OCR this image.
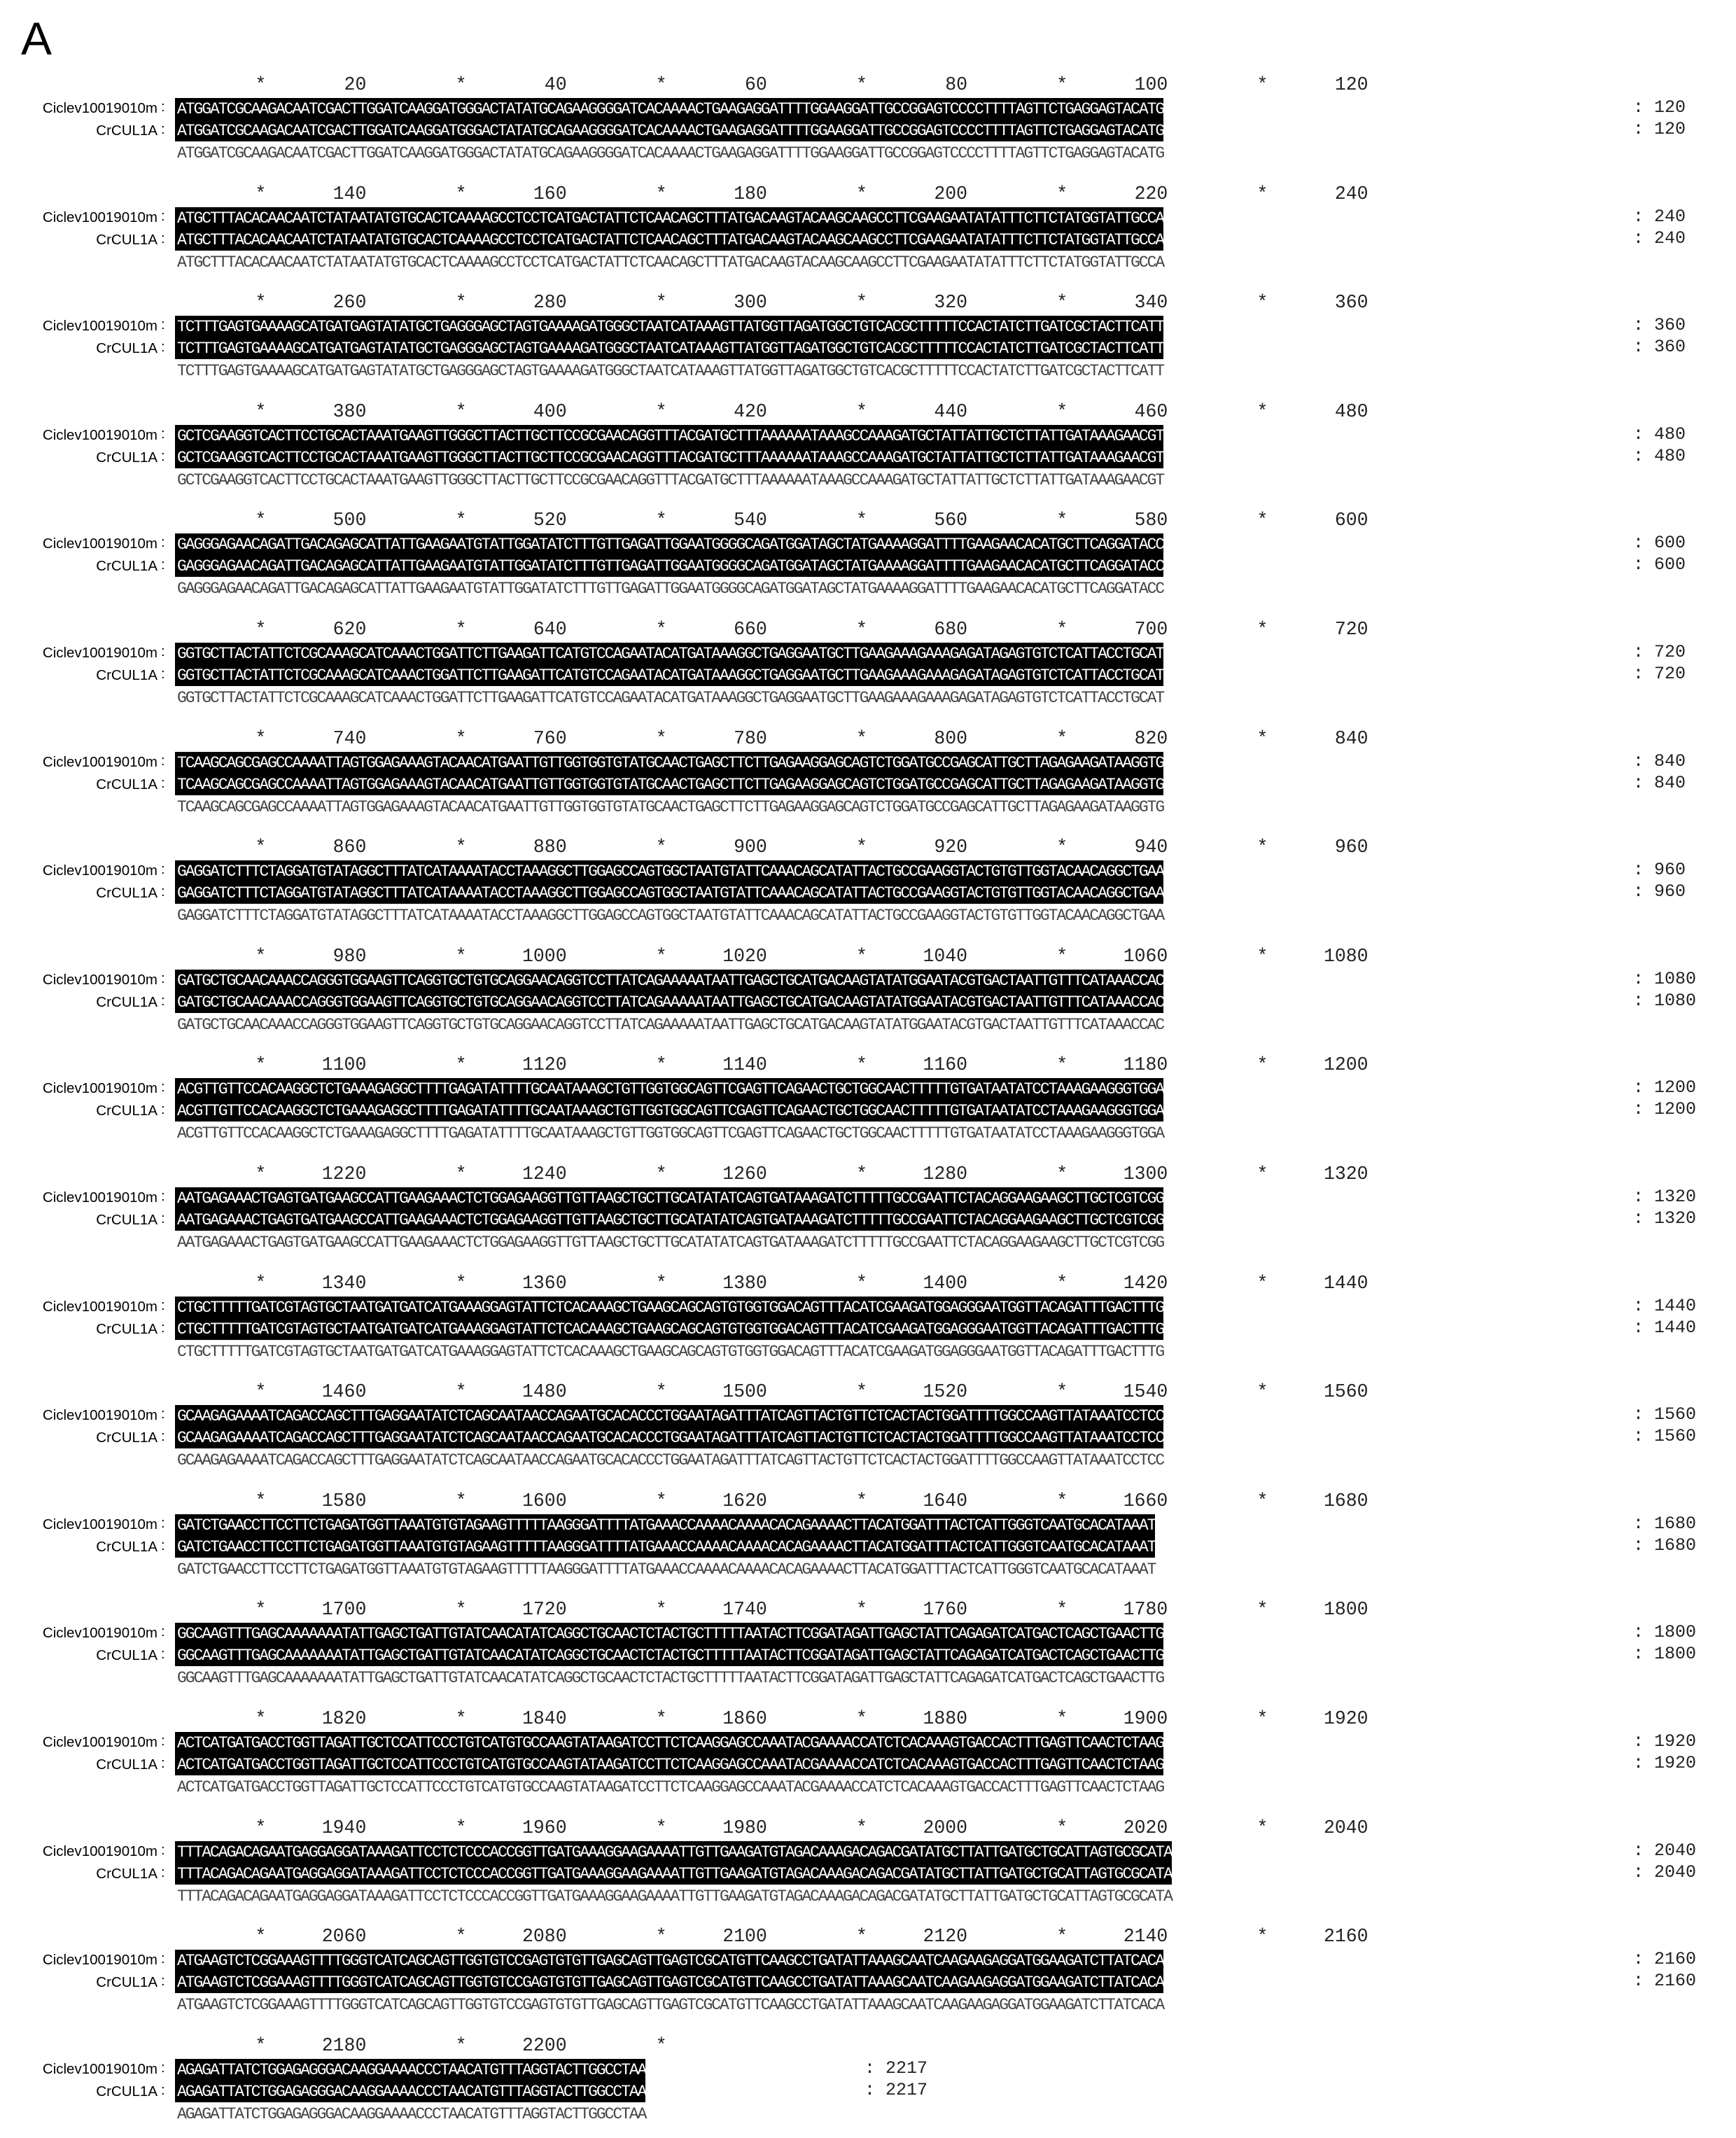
A
*       20        *       40        *       60        *       80        *      100        *      120
Ciclev10019010m
CrCUL1A
:
:
ATGGATCGCAAGACAATCGACTTGGATCAAGGATGGGACTATATGCAGAAGGGGATCACAAAACTGAAGAGGATTTTGGAAGGATTGCCGGAGTCCCCTTTTAGTTCTGAGGAGTACATG
ATGGATCGCAAGACAATCGACTTGGATCAAGGATGGGACTATATGCAGAAGGGGATCACAAAACTGAAGAGGATTTTGGAAGGATTGCCGGAGTCCCCTTTTAGTTCTGAGGAGTACATG
ATGGATCGCAAGACAATCGACTTGGATCAAGGATGGGACTATATGCAGAAGGGGATCACAAAACTGAAGAGGATTTTGGAAGGATTGCCGGAGTCCCCTTTTAGTTCTGAGGAGTACATG
: 120
: 120
*      140        *      160        *      180        *      200        *      220        *      240
Ciclev10019010m
CrCUL1A
:
:
ATGCTTTACACAACAATCTATAATATGTGCACTCAAAAGCCTCCTCATGACTATTCTCAACAGCTTTATGACAAGTACAAGCAAGCCTTCGAAGAATATATTTCTTCTATGGTATTGCCA
ATGCTTTACACAACAATCTATAATATGTGCACTCAAAAGCCTCCTCATGACTATTCTCAACAGCTTTATGACAAGTACAAGCAAGCCTTCGAAGAATATATTTCTTCTATGGTATTGCCA
ATGCTTTACACAACAATCTATAATATGTGCACTCAAAAGCCTCCTCATGACTATTCTCAACAGCTTTATGACAAGTACAAGCAAGCCTTCGAAGAATATATTTCTTCTATGGTATTGCCA
: 240
: 240
*      260        *      280        *      300        *      320        *      340        *      360
Ciclev10019010m
CrCUL1A
:
:
TCTTTGAGTGAAAAGCATGATGAGTATATGCTGAGGGAGCTAGTGAAAAGATGGGCTAATCATAAAGTTATGGTTAGATGGCTGTCACGCTTTTTCCACTATCTTGATCGCTACTTCATT
TCTTTGAGTGAAAAGCATGATGAGTATATGCTGAGGGAGCTAGTGAAAAGATGGGCTAATCATAAAGTTATGGTTAGATGGCTGTCACGCTTTTTCCACTATCTTGATCGCTACTTCATT
TCTTTGAGTGAAAAGCATGATGAGTATATGCTGAGGGAGCTAGTGAAAAGATGGGCTAATCATAAAGTTATGGTTAGATGGCTGTCACGCTTTTTCCACTATCTTGATCGCTACTTCATT
: 360
: 360
*      380        *      400        *      420        *      440        *      460        *      480
Ciclev10019010m
CrCUL1A
:
:
GCTCGAAGGTCACTTCCTGCACTAAATGAAGTTGGGCTTACTTGCTTCCGCGAACAGGTTTACGATGCTTTAAAAAATAAAGCCAAAGATGCTATTATTGCTCTTATTGATAAAGAACGT
GCTCGAAGGTCACTTCCTGCACTAAATGAAGTTGGGCTTACTTGCTTCCGCGAACAGGTTTACGATGCTTTAAAAAATAAAGCCAAAGATGCTATTATTGCTCTTATTGATAAAGAACGT
GCTCGAAGGTCACTTCCTGCACTAAATGAAGTTGGGCTTACTTGCTTCCGCGAACAGGTTTACGATGCTTTAAAAAATAAAGCCAAAGATGCTATTATTGCTCTTATTGATAAAGAACGT
: 480
: 480
*      500        *      520        *      540        *      560        *      580        *      600
Ciclev10019010m
CrCUL1A
:
:
GAGGGAGAACAGATTGACAGAGCATTATTGAAGAATGTATTGGATATCTTTGTTGAGATTGGAATGGGGCAGATGGATAGCTATGAAAAGGATTTTGAAGAACACATGCTTCAGGATACC
GAGGGAGAACAGATTGACAGAGCATTATTGAAGAATGTATTGGATATCTTTGTTGAGATTGGAATGGGGCAGATGGATAGCTATGAAAAGGATTTTGAAGAACACATGCTTCAGGATACC
GAGGGAGAACAGATTGACAGAGCATTATTGAAGAATGTATTGGATATCTTTGTTGAGATTGGAATGGGGCAGATGGATAGCTATGAAAAGGATTTTGAAGAACACATGCTTCAGGATACC
: 600
: 600
*      620        *      640        *      660        *      680        *      700        *      720
Ciclev10019010m
CrCUL1A
:
:
GGTGCTTACTATTCTCGCAAAGCATCAAACTGGATTCTTGAAGATTCATGTCCAGAATACATGATAAAGGCTGAGGAATGCTTGAAGAAAGAAAGAGATAGAGTGTCTCATTACCTGCAT
GGTGCTTACTATTCTCGCAAAGCATCAAACTGGATTCTTGAAGATTCATGTCCAGAATACATGATAAAGGCTGAGGAATGCTTGAAGAAAGAAAGAGATAGAGTGTCTCATTACCTGCAT
GGTGCTTACTATTCTCGCAAAGCATCAAACTGGATTCTTGAAGATTCATGTCCAGAATACATGATAAAGGCTGAGGAATGCTTGAAGAAAGAAAGAGATAGAGTGTCTCATTACCTGCAT
: 720
: 720
*      740        *      760        *      780        *      800        *      820        *      840
Ciclev10019010m
CrCUL1A
:
:
TCAAGCAGCGAGCCAAAATTAGTGGAGAAAGTACAACATGAATTGTTGGTGGTGTATGCAACTGAGCTTCTTGAGAAGGAGCAGTCTGGATGCCGAGCATTGCTTAGAGAAGATAAGGTG
TCAAGCAGCGAGCCAAAATTAGTGGAGAAAGTACAACATGAATTGTTGGTGGTGTATGCAACTGAGCTTCTTGAGAAGGAGCAGTCTGGATGCCGAGCATTGCTTAGAGAAGATAAGGTG
TCAAGCAGCGAGCCAAAATTAGTGGAGAAAGTACAACATGAATTGTTGGTGGTGTATGCAACTGAGCTTCTTGAGAAGGAGCAGTCTGGATGCCGAGCATTGCTTAGAGAAGATAAGGTG
: 840
: 840
*      860        *      880        *      900        *      920        *      940        *      960
Ciclev10019010m
CrCUL1A
:
:
GAGGATCTTTCTAGGATGTATAGGCTTTATCATAAAATACCTAAAGGCTTGGAGCCAGTGGCTAATGTATTCAAACAGCATATTACTGCCGAAGGTACTGTGTTGGTACAACAGGCTGAA
GAGGATCTTTCTAGGATGTATAGGCTTTATCATAAAATACCTAAAGGCTTGGAGCCAGTGGCTAATGTATTCAAACAGCATATTACTGCCGAAGGTACTGTGTTGGTACAACAGGCTGAA
GAGGATCTTTCTAGGATGTATAGGCTTTATCATAAAATACCTAAAGGCTTGGAGCCAGTGGCTAATGTATTCAAACAGCATATTACTGCCGAAGGTACTGTGTTGGTACAACAGGCTGAA
: 960
: 960
*      980        *     1000        *     1020        *     1040        *     1060        *     1080
Ciclev10019010m
CrCUL1A
:
:
GATGCTGCAACAAACCAGGGTGGAAGTTCAGGTGCTGTGCAGGAACAGGTCCTTATCAGAAAAATAATTGAGCTGCATGACAAGTATATGGAATACGTGACTAATTGTTTCATAAACCAC
GATGCTGCAACAAACCAGGGTGGAAGTTCAGGTGCTGTGCAGGAACAGGTCCTTATCAGAAAAATAATTGAGCTGCATGACAAGTATATGGAATACGTGACTAATTGTTTCATAAACCAC
GATGCTGCAACAAACCAGGGTGGAAGTTCAGGTGCTGTGCAGGAACAGGTCCTTATCAGAAAAATAATTGAGCTGCATGACAAGTATATGGAATACGTGACTAATTGTTTCATAAACCAC
: 1080
: 1080
*     1100        *     1120        *     1140        *     1160        *     1180        *     1200
Ciclev10019010m
CrCUL1A
:
:
ACGTTGTTCCACAAGGCTCTGAAAGAGGCTTTTGAGATATTTTGCAATAAAGCTGTTGGTGGCAGTTCGAGTTCAGAACTGCTGGCAACTTTTTGTGATAATATCCTAAAGAAGGGTGGA
ACGTTGTTCCACAAGGCTCTGAAAGAGGCTTTTGAGATATTTTGCAATAAAGCTGTTGGTGGCAGTTCGAGTTCAGAACTGCTGGCAACTTTTTGTGATAATATCCTAAAGAAGGGTGGA
ACGTTGTTCCACAAGGCTCTGAAAGAGGCTTTTGAGATATTTTGCAATAAAGCTGTTGGTGGCAGTTCGAGTTCAGAACTGCTGGCAACTTTTTGTGATAATATCCTAAAGAAGGGTGGA
: 1200
: 1200
*     1220        *     1240        *     1260        *     1280        *     1300        *     1320
Ciclev10019010m
CrCUL1A
:
:
AATGAGAAACTGAGTGATGAAGCCATTGAAGAAACTCTGGAGAAGGTTGTTAAGCTGCTTGCATATATCAGTGATAAAGATCTTTTTGCCGAATTCTACAGGAAGAAGCTTGCTCGTCGG
AATGAGAAACTGAGTGATGAAGCCATTGAAGAAACTCTGGAGAAGGTTGTTAAGCTGCTTGCATATATCAGTGATAAAGATCTTTTTGCCGAATTCTACAGGAAGAAGCTTGCTCGTCGG
AATGAGAAACTGAGTGATGAAGCCATTGAAGAAACTCTGGAGAAGGTTGTTAAGCTGCTTGCATATATCAGTGATAAAGATCTTTTTGCCGAATTCTACAGGAAGAAGCTTGCTCGTCGG
: 1320
: 1320
*     1340        *     1360        *     1380        *     1400        *     1420        *     1440
Ciclev10019010m
CrCUL1A
:
:
CTGCTTTTTGATCGTAGTGCTAATGATGATCATGAAAGGAGTATTCTCACAAAGCTGAAGCAGCAGTGTGGTGGACAGTTTACATCGAAGATGGAGGGAATGGTTACAGATTTGACTTTG
CTGCTTTTTGATCGTAGTGCTAATGATGATCATGAAAGGAGTATTCTCACAAAGCTGAAGCAGCAGTGTGGTGGACAGTTTACATCGAAGATGGAGGGAATGGTTACAGATTTGACTTTG
CTGCTTTTTGATCGTAGTGCTAATGATGATCATGAAAGGAGTATTCTCACAAAGCTGAAGCAGCAGTGTGGTGGACAGTTTACATCGAAGATGGAGGGAATGGTTACAGATTTGACTTTG
: 1440
: 1440
*     1460        *     1480        *     1500        *     1520        *     1540        *     1560
Ciclev10019010m
CrCUL1A
:
:
GCAAGAGAAAATCAGACCAGCTTTGAGGAATATCTCAGCAATAACCAGAATGCACACCCTGGAATAGATTTATCAGTTACTGTTCTCACTACTGGATTTTGGCCAAGTTATAAATCCTCC
GCAAGAGAAAATCAGACCAGCTTTGAGGAATATCTCAGCAATAACCAGAATGCACACCCTGGAATAGATTTATCAGTTACTGTTCTCACTACTGGATTTTGGCCAAGTTATAAATCCTCC
GCAAGAGAAAATCAGACCAGCTTTGAGGAATATCTCAGCAATAACCAGAATGCACACCCTGGAATAGATTTATCAGTTACTGTTCTCACTACTGGATTTTGGCCAAGTTATAAATCCTCC
: 1560
: 1560
*     1580        *     1600        *     1620        *     1640        *     1660        *     1680
Ciclev10019010m
CrCUL1A
:
:
GATCTGAACCTTCCTTCTGAGATGGTTAAATGTGTAGAAGTTTTTAAGGGATTTTATGAAACCAAAACAAAACACAGAAAACTTACATGGATTTACTCATTGGGTCAATGCACATAAAT
GATCTGAACCTTCCTTCTGAGATGGTTAAATGTGTAGAAGTTTTTAAGGGATTTTATGAAACCAAAACAAAACACAGAAAACTTACATGGATTTACTCATTGGGTCAATGCACATAAAT
GATCTGAACCTTCCTTCTGAGATGGTTAAATGTGTAGAAGTTTTTAAGGGATTTTATGAAACCAAAACAAAACACAGAAAACTTACATGGATTTACTCATTGGGTCAATGCACATAAAT
: 1680
: 1680
*     1700        *     1720        *     1740        *     1760        *     1780        *     1800
Ciclev10019010m
CrCUL1A
:
:
GGCAAGTTTGAGCAAAAAAATATTGAGCTGATTGTATCAACATATCAGGCTGCAACTCTACTGCTTTTTAATACTTCGGATAGATTGAGCTATTCAGAGATCATGACTCAGCTGAACTTG
GGCAAGTTTGAGCAAAAAAATATTGAGCTGATTGTATCAACATATCAGGCTGCAACTCTACTGCTTTTTAATACTTCGGATAGATTGAGCTATTCAGAGATCATGACTCAGCTGAACTTG
GGCAAGTTTGAGCAAAAAAATATTGAGCTGATTGTATCAACATATCAGGCTGCAACTCTACTGCTTTTTAATACTTCGGATAGATTGAGCTATTCAGAGATCATGACTCAGCTGAACTTG
: 1800
: 1800
*     1820        *     1840        *     1860        *     1880        *     1900        *     1920
Ciclev10019010m
CrCUL1A
:
:
ACTCATGATGACCTGGTTAGATTGCTCCATTCCCTGTCATGTGCCAAGTATAAGATCCTTCTCAAGGAGCCAAATACGAAAACCATCTCACAAAGTGACCACTTTGAGTTCAACTCTAAG
ACTCATGATGACCTGGTTAGATTGCTCCATTCCCTGTCATGTGCCAAGTATAAGATCCTTCTCAAGGAGCCAAATACGAAAACCATCTCACAAAGTGACCACTTTGAGTTCAACTCTAAG
ACTCATGATGACCTGGTTAGATTGCTCCATTCCCTGTCATGTGCCAAGTATAAGATCCTTCTCAAGGAGCCAAATACGAAAACCATCTCACAAAGTGACCACTTTGAGTTCAACTCTAAG
: 1920
: 1920
*     1940        *     1960        *     1980        *     2000        *     2020        *     2040
Ciclev10019010m
CrCUL1A
:
:
TTTACAGACAGAATGAGGAGGATAAAGATTCCTCTCCCACCGGTTGATGAAAGGAAGAAAATTGTTGAAGATGTAGACAAAGACAGACGATATGCTTATTGATGCTGCATTAGTGCGCATA
TTTACAGACAGAATGAGGAGGATAAAGATTCCTCTCCCACCGGTTGATGAAAGGAAGAAAATTGTTGAAGATGTAGACAAAGACAGACGATATGCTTATTGATGCTGCATTAGTGCGCATA
TTTACAGACAGAATGAGGAGGATAAAGATTCCTCTCCCACCGGTTGATGAAAGGAAGAAAATTGTTGAAGATGTAGACAAAGACAGACGATATGCTTATTGATGCTGCATTAGTGCGCATA
: 2040
: 2040
*     2060        *     2080        *     2100        *     2120        *     2140        *     2160
Ciclev10019010m
CrCUL1A
:
:
ATGAAGTCTCGGAAAGTTTTGGGTCATCAGCAGTTGGTGTCCGAGTGTGTTGAGCAGTTGAGTCGCATGTTCAAGCCTGATATTAAAGCAATCAAGAAGAGGATGGAAGATCTTATCACA
ATGAAGTCTCGGAAAGTTTTGGGTCATCAGCAGTTGGTGTCCGAGTGTGTTGAGCAGTTGAGTCGCATGTTCAAGCCTGATATTAAAGCAATCAAGAAGAGGATGGAAGATCTTATCACA
ATGAAGTCTCGGAAAGTTTTGGGTCATCAGCAGTTGGTGTCCGAGTGTGTTGAGCAGTTGAGTCGCATGTTCAAGCCTGATATTAAAGCAATCAAGAAGAGGATGGAAGATCTTATCACA
: 2160
: 2160
*     2180        *     2200        *
Ciclev10019010m
CrCUL1A
:
:
AGAGATTATCTGGAGAGGGACAAGGAAAACCCTAACATGTTTAGGTACTTGGCCTAA
AGAGATTATCTGGAGAGGGACAAGGAAAACCCTAACATGTTTAGGTACTTGGCCTAA
AGAGATTATCTGGAGAGGGACAAGGAAAACCCTAACATGTTTAGGTACTTGGCCTAA
: 2217
: 2217
